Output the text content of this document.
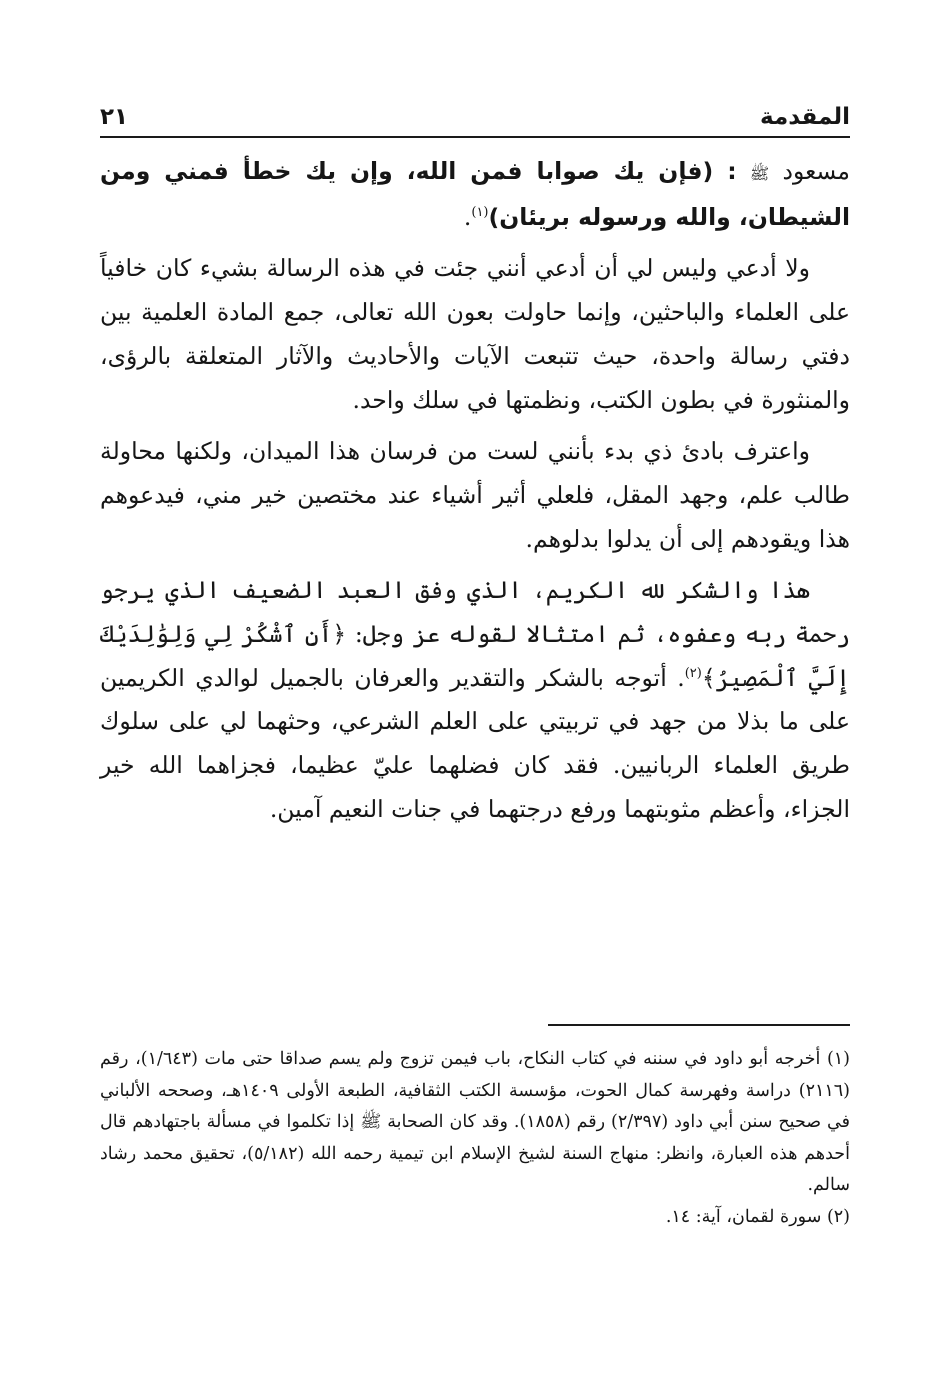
المقدمة
٢١

مسعود ﷺ : (فإن يك صوابا فمن الله، وإن يك خطأ فمني ومن الشيطان، والله ورسوله بريئان)$^{(١)}$.

ولا أدعي وليس لي أن أدعي أنني جئت في هذه الرسالة بشيء كان خافياً على العلماء والباحثين، وإنما حاولت بعون الله تعالى، جمع المادة العلمية بين دفتي رسالة واحدة، حيث تتبعت الآيات والأحاديث والآثار المتعلقة بالرؤى، والمنثورة في بطون الكتب، ونظمتها في سلك واحد.

واعترف بادئ ذي بدء بأنني لست من فرسان هذا الميدان، ولكنها محاولة طالب علم، وجهد المقل، فلعلي أثير أشياء عند مختصين خير مني، فيدعوهم هذا ويقودهم إلى أن يدلوا بدلوهم.

هذا والشكر لله الكريم، الذي وفق العبد الضعيف الذي يرجو رحمة ربه وعفوه، ثم امتثالا لقوله عز وجل: ﴿أَنِ ٱشْكُرْ لِي وَلِوَٰلِدَيْكَ إِلَيَّ ٱلْمَصِيرُ﴾$^{(٢)}$. أتوجه بالشكر والتقدير والعرفان بالجميل لوالدي الكريمين على ما بذلا من جهد في تربيتي على العلم الشرعي، وحثهما لي على سلوك طريق العلماء الربانيين. فقد كان فضلهما عليّ عظيما، فجزاهما الله خير الجزاء، وأعظم مثوبتهما ورفع درجتهما في جنات النعيم آمين.

(١) أخرجه أبو داود في سننه في كتاب النكاح، باب فيمن تزوج ولم يسم صداقا حتى مات (١/٦٤٣)، رقم (٢١١٦) دراسة وفهرسة كمال الحوت، مؤسسة الكتب الثقافية، الطبعة الأولى ١٤٠٩هـ، وصححه الألباني في صحيح سنن أبي داود (٢/٣٩٧) رقم (١٨٥٨). وقد كان الصحابة ﷺ إذا تكلموا في مسألة باجتهادهم قال أحدهم هذه العبارة، وانظر: منهاج السنة لشيخ الإسلام ابن تيمية رحمه الله (٥/١٨٢)، تحقيق محمد رشاد سالم.

(٢) سورة لقمان، آية: ١٤.
